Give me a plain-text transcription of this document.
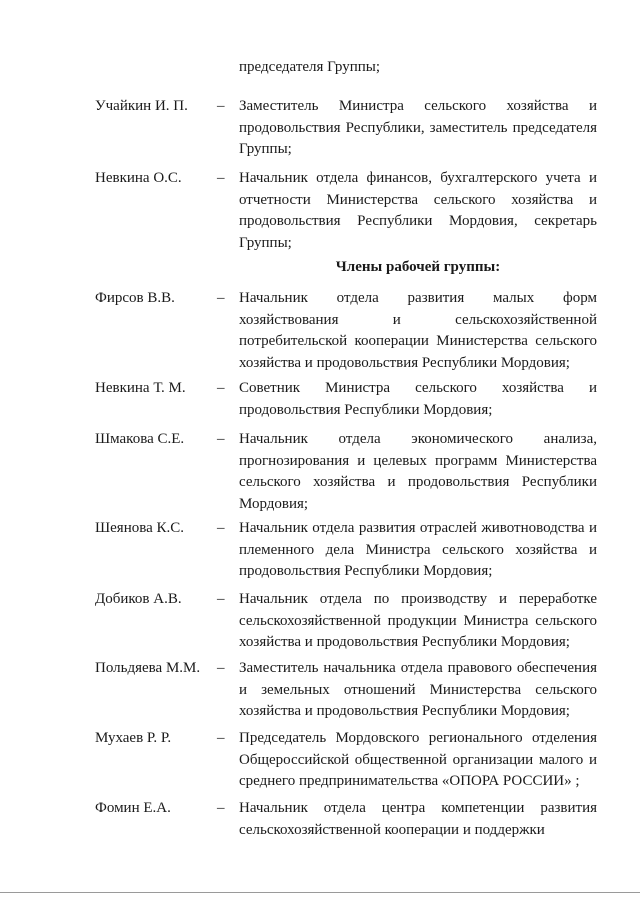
председателя Группы;
Учайкин И. П. – Заместитель Министра сельского хозяйства и продовольствия Республики, заместитель председателя Группы;
Невкина О.С. – Начальник отдела финансов, бухгалтерского учета и отчетности Министерства сельского хозяйства и продовольствия Республики Мордовия, секретарь Группы;
Члены рабочей группы:
Фирсов В.В.	– Начальник отдела развития малых форм хозяйствования и сельскохозяйственной потребительской кооперации Министерства сельского хозяйства и продовольствия Республики Мордовия;
Невкина Т. М. – Советник Министра сельского хозяйства и продовольствия Республики Мордовия;
Шмакова С.Е. – Начальник отдела экономического анализа, прогнозирования и целевых программ Министерства сельского хозяйства и продовольствия Республики Мордовия;
Шеянова К.С. – Начальник отдела развития отраслей животноводства и племенного дела Министра сельского хозяйства и продовольствия Республики Мордовия;
Добиков А.В. – Начальник отдела по производству и переработке сельскохозяйственной продукции Министра сельского хозяйства и продовольствия Республики Мордовия;
Польдяева М.М. – Заместитель начальника отдела правового обеспечения и земельных отношений Министерства сельского хозяйства и продовольствия Республики Мордовия;
Мухаев Р. Р.	– Председатель Мордовского регионального отделения Общероссийской общественной организации малого и среднего предпринимательства «ОПОРА РОССИИ» ;
Фомин Е.А.	– Начальник отдела центра компетенции развития сельскохозяйственной кооперации и поддержки
